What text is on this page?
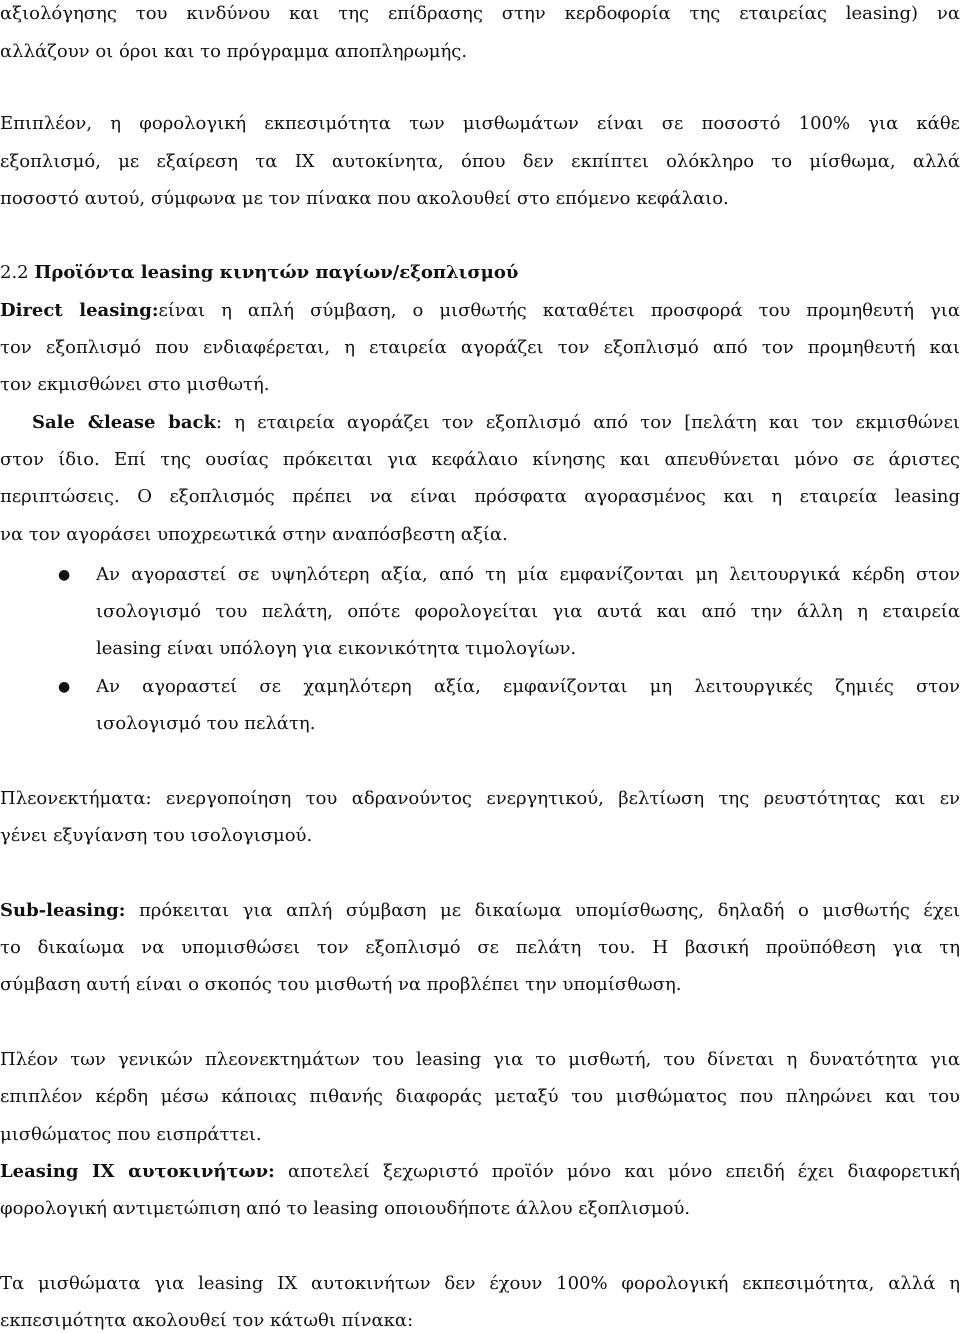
αξιολόγησης του κινδύνου και της επίδρασης στην κερδοφορία της εταιρείας leasing) να
αλλάζουν οι όροι και το πρόγραμμα αποπληρωμής.
Επιπλέον, η φορολογική εκπεσιμότητα των μισθωμάτων είναι σε ποσοστό 100% για κάθε
εξοπλισμό, με εξαίρεση τα ΙΧ αυτοκίνητα, όπου δεν εκπίπτει ολόκληρο το μίσθωμα, αλλά
ποσοστό αυτού, σύμφωνα με τον πίνακα που ακολουθεί στο επόμενο κεφάλαιο.
2.2 Προϊόντα leasing κινητών παγίων/εξοπλισμού
Direct leasing:είναι η απλή σύμβαση, ο μισθωτής καταθέτει προσφορά του προμηθευτή για
τον εξοπλισμό που ενδιαφέρεται, η εταιρεία αγοράζει τον εξοπλισμό από τον προμηθευτή και
τον εκμισθώνει στο μισθωτή.
Sale &lease back: η εταιρεία αγοράζει τον εξοπλισμό από τον [πελάτη και τον εκμισθώνει
στον ίδιο. Επί της ουσίας πρόκειται για κεφάλαιο κίνησης και απευθύνεται μόνο σε άριστες
περιπτώσεις. Ο εξοπλισμός πρέπει να είναι πρόσφατα αγορασμένος και η εταιρεία leasing
να τον αγοράσει υποχρεωτικά στην αναπόσβεστη αξία.
● Αν αγοραστεί σε υψηλότερη αξία, από τη μία εμφανίζονται μη λειτουργικά κέρδη στον
ισολογισμό του πελάτη, οπότε φορολογείται για αυτά και από την άλλη η εταιρεία
leasing είναι υπόλογη για εικονικότητα τιμολογίων.
● Αν αγοραστεί σε χαμηλότερη αξία, εμφανίζονται μη λειτουργικές ζημιές στον
ισολογισμό του πελάτη.
Πλεονεκτήματα: ενεργοποίηση του αδρανούντος ενεργητικού, βελτίωση της ρευστότητας και εν
γένει εξυγίανση του ισολογισμού.
Sub-leasing: πρόκειται για απλή σύμβαση με δικαίωμα υπομίσθωσης, δηλαδή ο μισθωτής έχει
το δικαίωμα να υπομισθώσει τον εξοπλισμό σε πελάτη του. Η βασική προϋπόθεση για τη
σύμβαση αυτή είναι ο σκοπός του μισθωτή να προβλέπει την υπομίσθωση.
Πλέον των γενικών πλεονεκτημάτων του leasing για το μισθωτή, του δίνεται η δυνατότητα για
επιπλέον κέρδη μέσω κάποιας πιθανής διαφοράς μεταξύ του μισθώματος που πληρώνει και του
μισθώματος που εισπράττει.
Leasing IX αυτοκινήτων: αποτελεί ξεχωριστό προϊόν μόνο και μόνο επειδή έχει διαφορετική
φορολογική αντιμετώπιση από το leasing οποιουδήποτε άλλου εξοπλισμού.
Τα μισθώματα για leasing ΙΧ αυτοκινήτων δεν έχουν 100% φορολογική εκπεσιμότητα, αλλά η
εκπεσιμότητα ακολουθεί τον κάτωθι πίνακα:
